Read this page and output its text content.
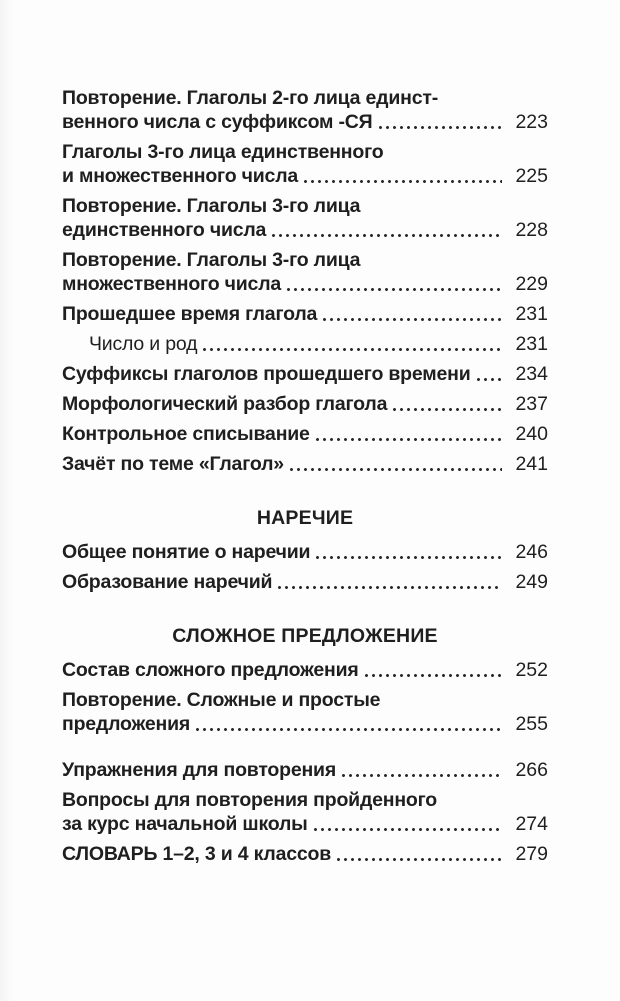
Повторение. Глаголы 2-го лица единст-
венного числа с суффиксом -СЯ	223
Глаголы 3-го лица единственного
и множественного числа	225
Повторение. Глаголы 3-го лица
единственного числа	228
Повторение. Глаголы 3-го лица
множественного числа	229
Прошедшее время глагола	231
Число и род	231
Суффиксы глаголов прошедшего времени	234
Морфологический разбор глагола	237
Контрольное списывание	240
Зачёт по теме «Глагол»	241
НАРЕЧИЕ
Общее понятие о наречии	246
Образование наречий	249
СЛОЖНОЕ ПРЕДЛОЖЕНИЕ
Состав сложного предложения	252
Повторение. Сложные и простые
предложения	255
Упражнения для повторения	266
Вопросы для повторения пройденного
за курс начальной школы	274
СЛОВАРЬ 1–2, 3 и 4 классов	279
